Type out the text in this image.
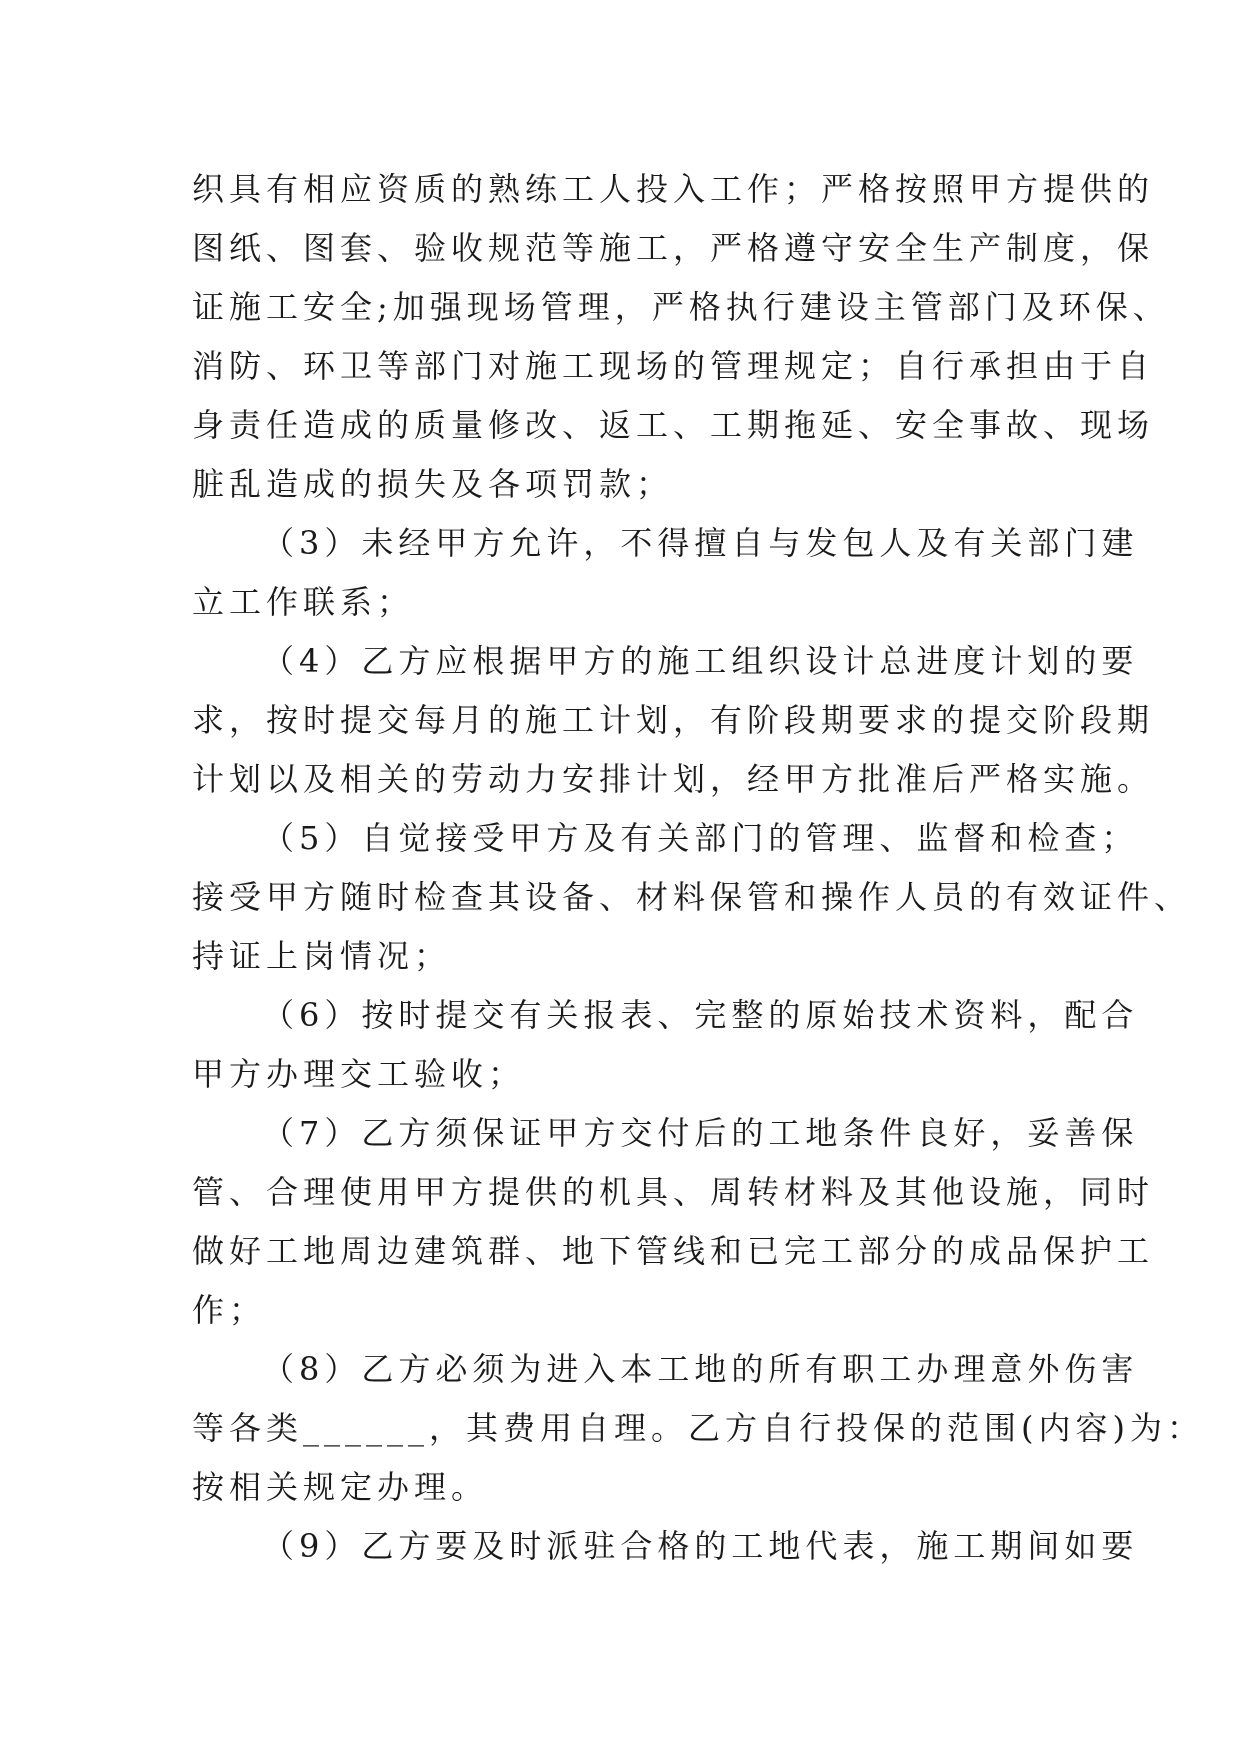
织具有相应资质的熟练工人投入工作；严格按照甲方提供的
图纸、图套、验收规范等施工，严格遵守安全生产制度，保
证施工安全;加强现场管理，严格执行建设主管部门及环保、
消防、环卫等部门对施工现场的管理规定；自行承担由于自
身责任造成的质量修改、返工、工期拖延、安全事故、现场
脏乱造成的损失及各项罚款；
（3）未经甲方允许，不得擅自与发包人及有关部门建
立工作联系；
（4）乙方应根据甲方的施工组织设计总进度计划的要
求，按时提交每月的施工计划，有阶段期要求的提交阶段期
计划以及相关的劳动力安排计划，经甲方批准后严格实施。
（5）自觉接受甲方及有关部门的管理、监督和检查；
接受甲方随时检查其设备、材料保管和操作人员的有效证件、
持证上岗情况；
（6）按时提交有关报表、完整的原始技术资料，配合
甲方办理交工验收；
（7）乙方须保证甲方交付后的工地条件良好，妥善保
管、合理使用甲方提供的机具、周转材料及其他设施，同时
做好工地周边建筑群、地下管线和已完工部分的成品保护工
作；
（8）乙方必须为进入本工地的所有职工办理意外伤害
等各类______，其费用自理。乙方自行投保的范围(内容)为：
按相关规定办理。
（9）乙方要及时派驻合格的工地代表，施工期间如要
